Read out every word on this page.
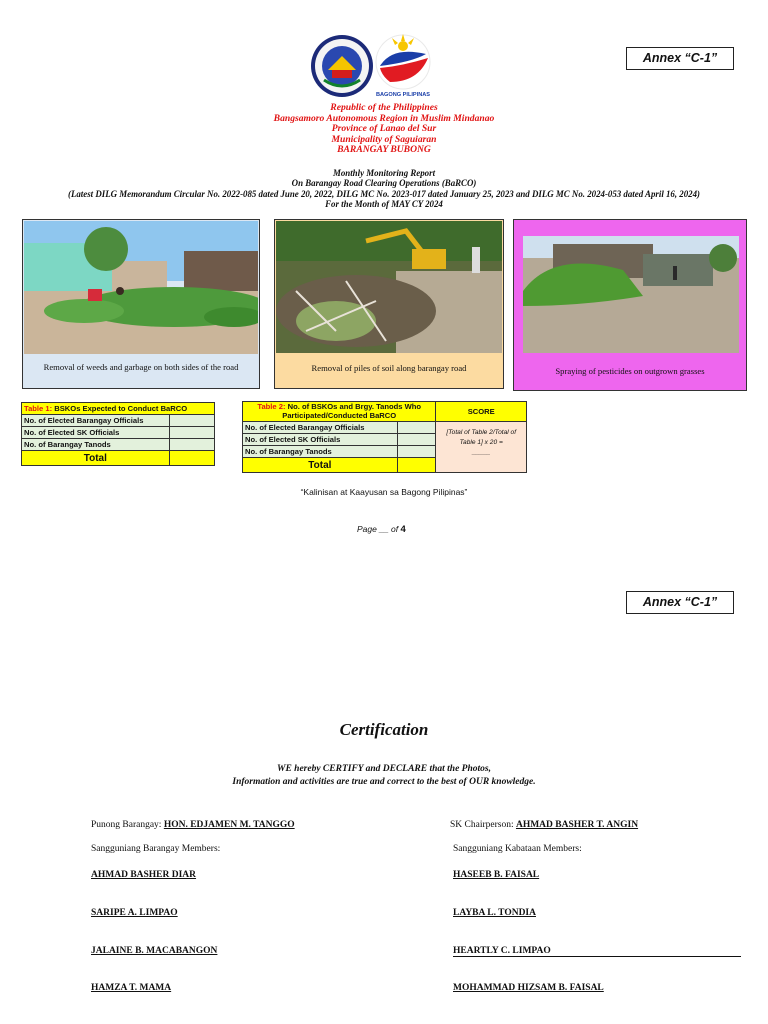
Annex “C-1”
BAGONG PILIPINAS
Republic of the Philippines
Bangsamoro Autonomous Region in Muslim Mindanao
Province of Lanao del Sur
Municipality of Saguiaran
BARANGAY BUBONG
Monthly Monitoring Report
On Barangay Road Clearing Operations (BaRCO)
(Latest DILG Memorandum Circular No. 2022-085 dated June 20, 2022, DILG MC No. 2023-017 dated January 25, 2023 and DILG MC No. 2024-053 dated April 16, 2024)
For the Month of MAY CY 2024
Removal of weeds and garbage on both sides of the road	Removal of piles of soil along barangay road	Spraying of pesticides on outgrown grasses
Table 1: BSKOs Expected to Conduct BaRCO	
No. of Elected Barangay Officials	
No. of Elected SK Officials	
No. of Barangay Tanods	
Total	
Table 2: No. of BSKOs and Brgy. Tanods Who Participated/Conducted BaRCO		SCORE
No. of Elected Barangay Officials		[Total of Table 2/Total of Table 1] x 20 =
_____

No. of Elected SK Officials		
No. of Barangay Tanods		
Total		
“Kalinisan at Kaayusan sa Bagong Pilipinas”
Page __ of 4
Annex “C-1”
Certification
WE hereby CERTIFY and DECLARE that the Photos,
Information and activities are true and correct to the best of OUR knowledge.
Punong Barangay: HON. EDJAMEN M. TANGGO	SK Chairperson: AHMAD BASHER T. ANGIN
Sangguniang Barangay Members:	Sangguniang Kabataan Members:
AHMAD BASHER DIAR
SARIPE A. LIMPAO
JALAINE B. MACABANGON
HAMZA T. MAMA
HASEEB B. FAISAL
LAYBA L. TONDIA
HEARTLY C. LIMPAO
MOHAMMAD HIZSAM B. FAISAL
